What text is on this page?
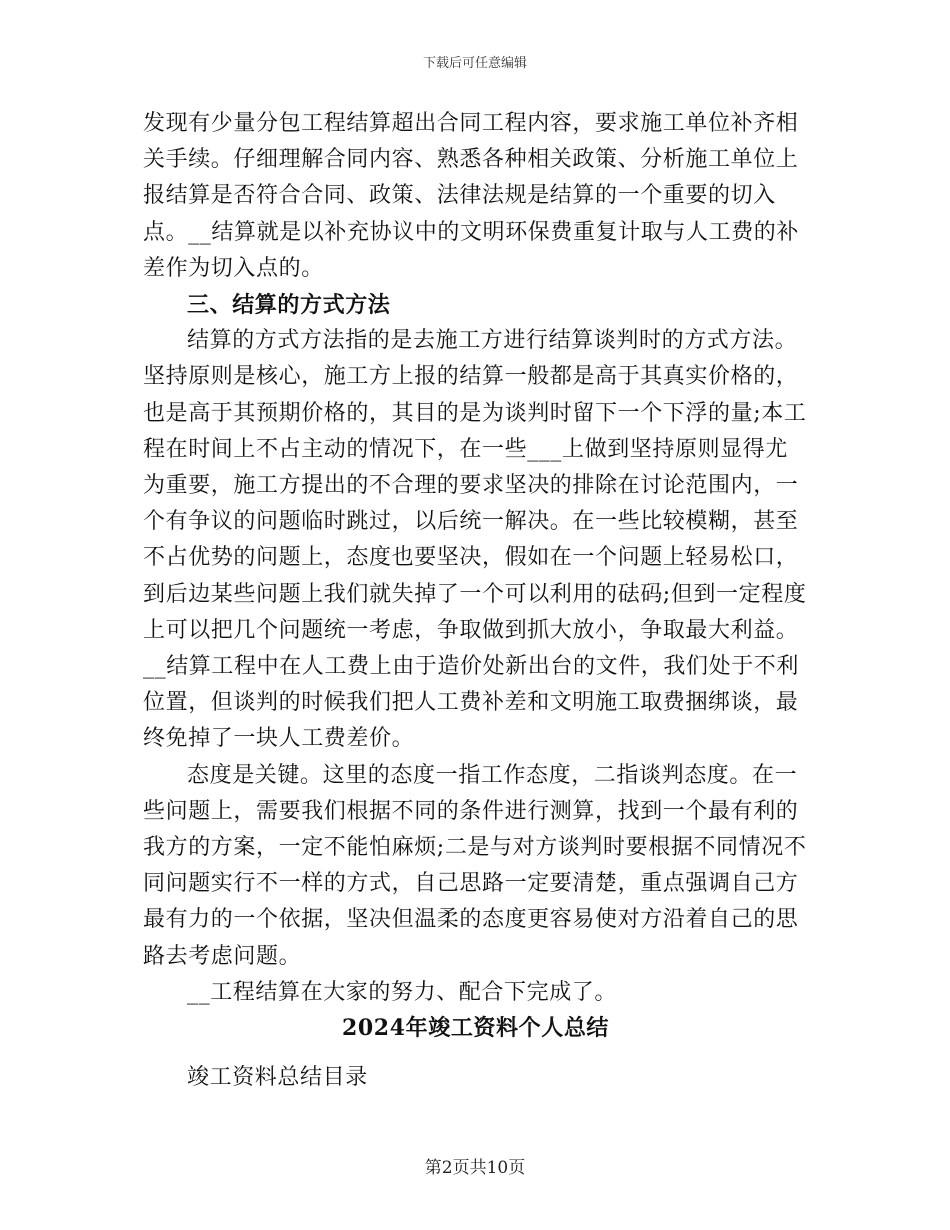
下载后可任意编辑

发现有少量分包工程结算超出合同工程内容，要求施工单位补齐相关手续。仔细理解合同内容、熟悉各种相关政策、分析施工单位上报结算是否符合合同、政策、法律法规是结算的一个重要的切入点。__结算就是以补充协议中的文明环保费重复计取与人工费的补差作为切入点的。

三、结算的方式方法

结算的方式方法指的是去施工方进行结算谈判时的方式方法。坚持原则是核心，施工方上报的结算一般都是高于其真实价格的，也是高于其预期价格的，其目的是为谈判时留下一个下浮的量;本工程在时间上不占主动的情况下，在一些___上做到坚持原则显得尤为重要，施工方提出的不合理的要求坚决的排除在讨论范围内，一个有争议的问题临时跳过，以后统一解决。在一些比较模糊，甚至不占优势的问题上，态度也要坚决，假如在一个问题上轻易松口，到后边某些问题上我们就失掉了一个可以利用的砝码;但到一定程度上可以把几个问题统一考虑，争取做到抓大放小，争取最大利益。__结算工程中在人工费上由于造价处新出台的文件，我们处于不利位置，但谈判的时候我们把人工费补差和文明施工取费捆绑谈，最终免掉了一块人工费差价。

态度是关键。这里的态度一指工作态度，二指谈判态度。在一些问题上，需要我们根据不同的条件进行测算，找到一个最有利的我方的方案，一定不能怕麻烦;二是与对方谈判时要根据不同情况不同问题实行不一样的方式，自己思路一定要清楚，重点强调自己方最有力的一个依据，坚决但温柔的态度更容易使对方沿着自己的思路去考虑问题。

__工程结算在大家的努力、配合下完成了。

2024年竣工资料个人总结

竣工资料总结目录
第2页共10页
